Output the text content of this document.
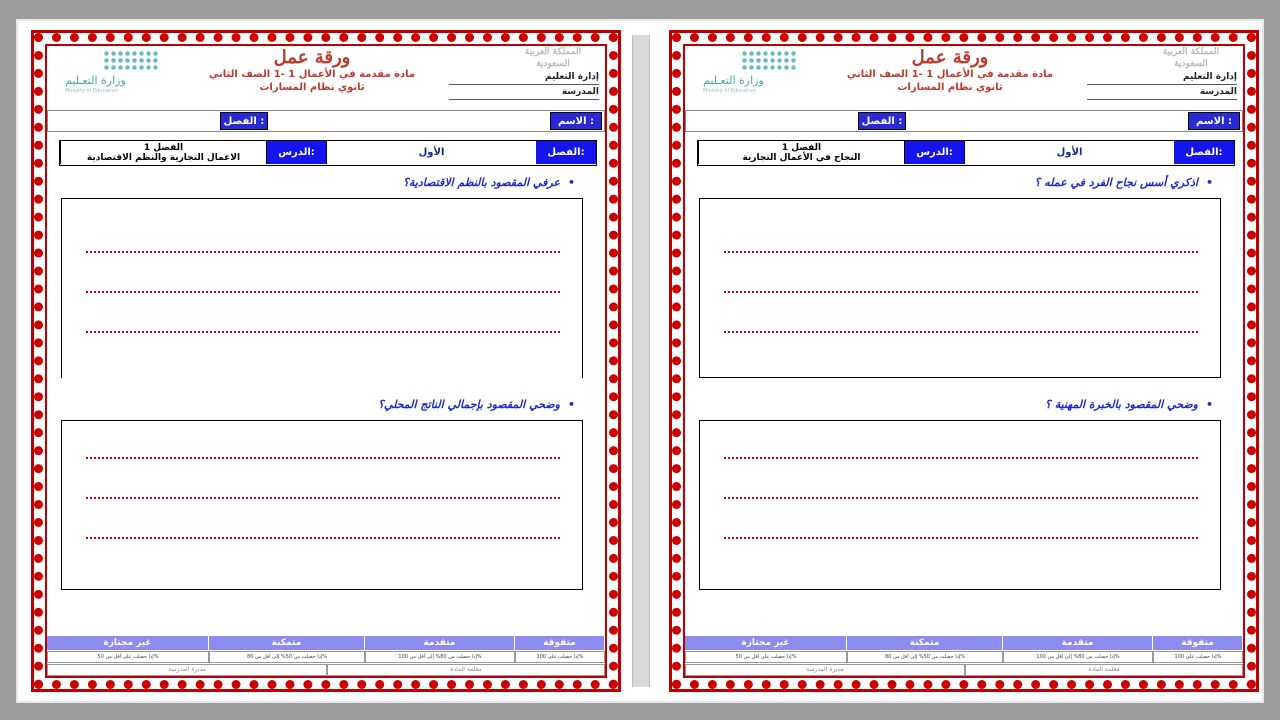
وزارة التعـليم
Ministry of Education
ورقة عمل
مادة مقدمة في الأعمال 1 -1 الصف الثاني
ثانوي نظام المسارات
المملكة العربية السعودية
إدارة التعليم
المدرسة
الاسم :
الفصل :
الفصل:
الأول
الدرس:
الفصل 1
الاعمال التجارية والنظم الاقتصادية
•عرفي المقصود بالنظم الاقتصادية؟
•وضحي المقصود بإجمالي الناتج المحلي؟
متفوقة
متقدمة
متمكنة
غير مجتازة
إذا حصلت على 100%
إذا حصلت من 80% إلى أقل من 100%
إذا حصلت من 50% إلى أقل من 80%
إذا حصلت على أقل من 50%
معلمة المادة
مديرة المدرسة
وزارة التعـليم
Ministry of Education
ورقة عمل
مادة مقدمة في الأعمال 1 -1 الصف الثاني
ثانوي نظام المسارات
المملكة العربية السعودية
إدارة التعليم
المدرسة
الاسم :
الفصل :
الفصل:
الأول
الدرس:
الفصل 1
النجاح في الأعمال التجارية
•اذكري أسس نجاح الفرد في عمله ؟
•وضحي المقصود بالخبرة المهنية ؟
متفوقة
متقدمة
متمكنة
غير مجتازة
إذا حصلت على 100%
إذا حصلت من 80% إلى أقل من 100%
إذا حصلت من 50% إلى أقل من 80%
إذا حصلت على أقل من 50%
معلمة المادة
مديرة المدرسة
